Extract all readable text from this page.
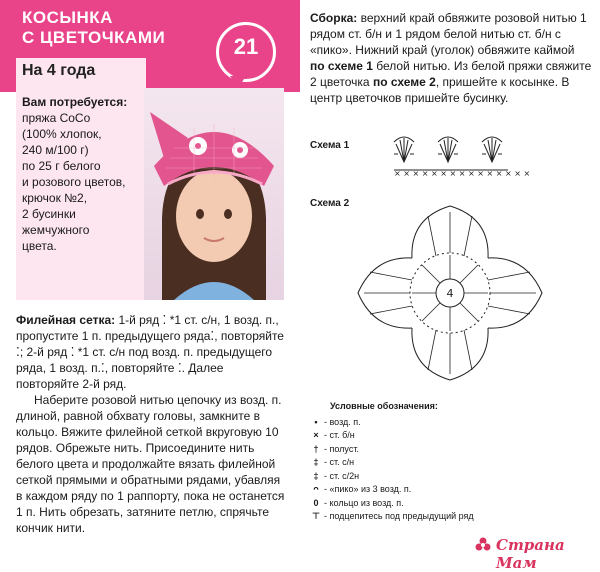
КОСЫНКА
С ЦВЕТОЧКАМИ
На 4 года
21
Вам потребуется:
пряжа CoCo
(100% хлопок,
240 м/100 г)
по 25 г белого
и розового цветов,
крючок №2,
2 бусинки
жемчужного
цвета.
Филейная сетка: 1-й ряд ⁚ *1 ст. с/н, 1 возд. п., пропустите 1 п. предыдущего ряда⁚, повторяйте ⁚; 2-й ряд ⁚ *1 ст. с/н под возд. п. предыдущего ряда, 1 возд. п.⁚, повторяйте ⁚. Далее повторяйте 2-й ряд.
Наберите розовой нитью цепочку из возд. п. длиной, равной обхвату головы, замкните в кольцо. Вяжите филейной сеткой вкруговую 10 рядов. Обрежьте нить. Присоедините нить белого цвета и продолжайте вязать филейной сеткой прямыми и обратными рядами, убавляя в каждом ряду по 1 раппорту, пока не останется 1 п. Нить обрезать, затяните петлю, спрячьте кончик нити.
Сборка: верхний край обвяжите розовой нитью 1 рядом ст. б/н и 1 рядом белой нитью ст. б/н с «пико». Нижний край (уголок) обвяжите каймой по схеме 1 белой нитью. Из белой пряжи свяжите 2 цветочка по схеме 2, пришейте к косынке. В центр цветочков пришейте бусинку.
Схема 1
× × × × × × × × × × × × × × ×
Схема 2
4
Условные обозначения:
• - возд. п.
× - ст. б/н
† - полуст.
‡ - ст. с/н
‡ - ст. с/2н
ᴖ - «пико» из 3 возд. п.
0 - кольцо из возд. п.
⊤ - подцепитесь под предыдущий ряд
Страна Мам
